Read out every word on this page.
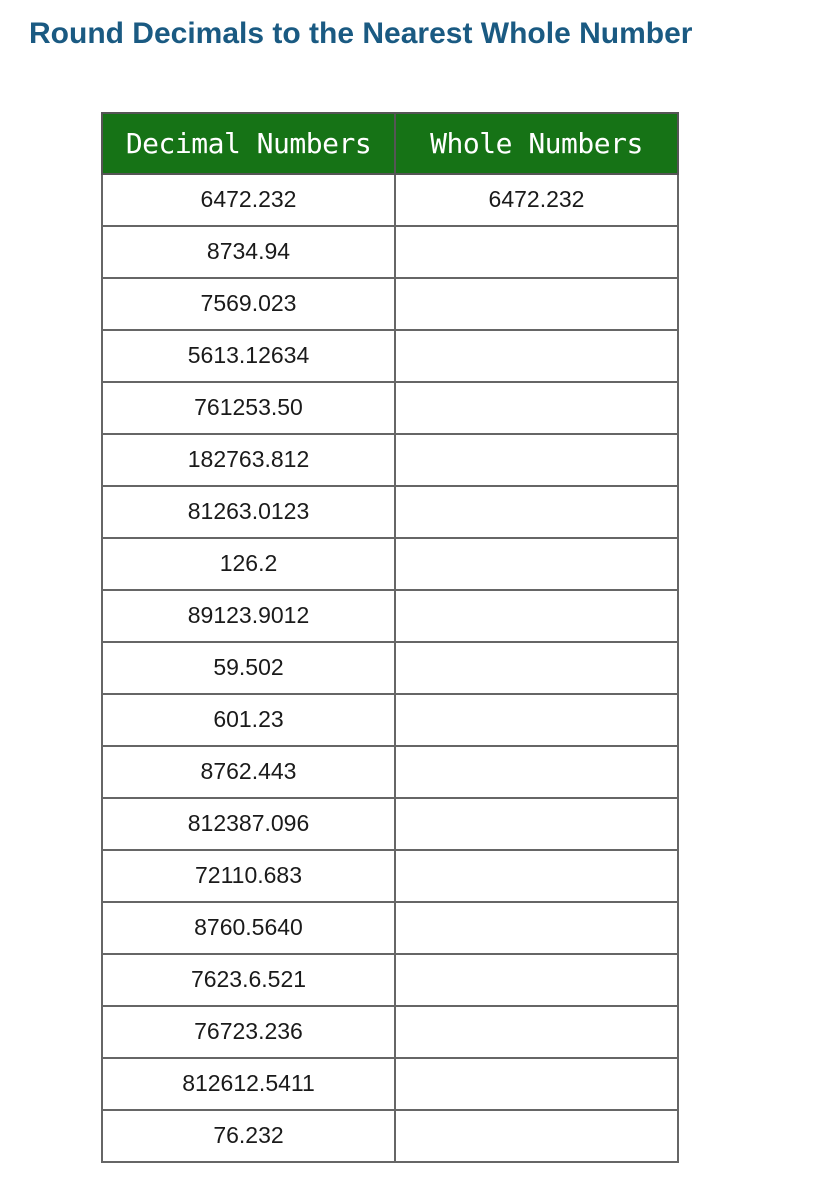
Round Decimals to the Nearest Whole Number
Decimal Numbers	Whole Numbers
6472.232	6472.232
8734.94	
7569.023	
5613.12634	
761253.50	
182763.812	
81263.0123	
126.2	
89123.9012	
59.502	
601.23	
8762.443	
812387.096	
72110.683	
8760.5640	
7623.6.521	
76723.236	
812612.5411	
76.232	
